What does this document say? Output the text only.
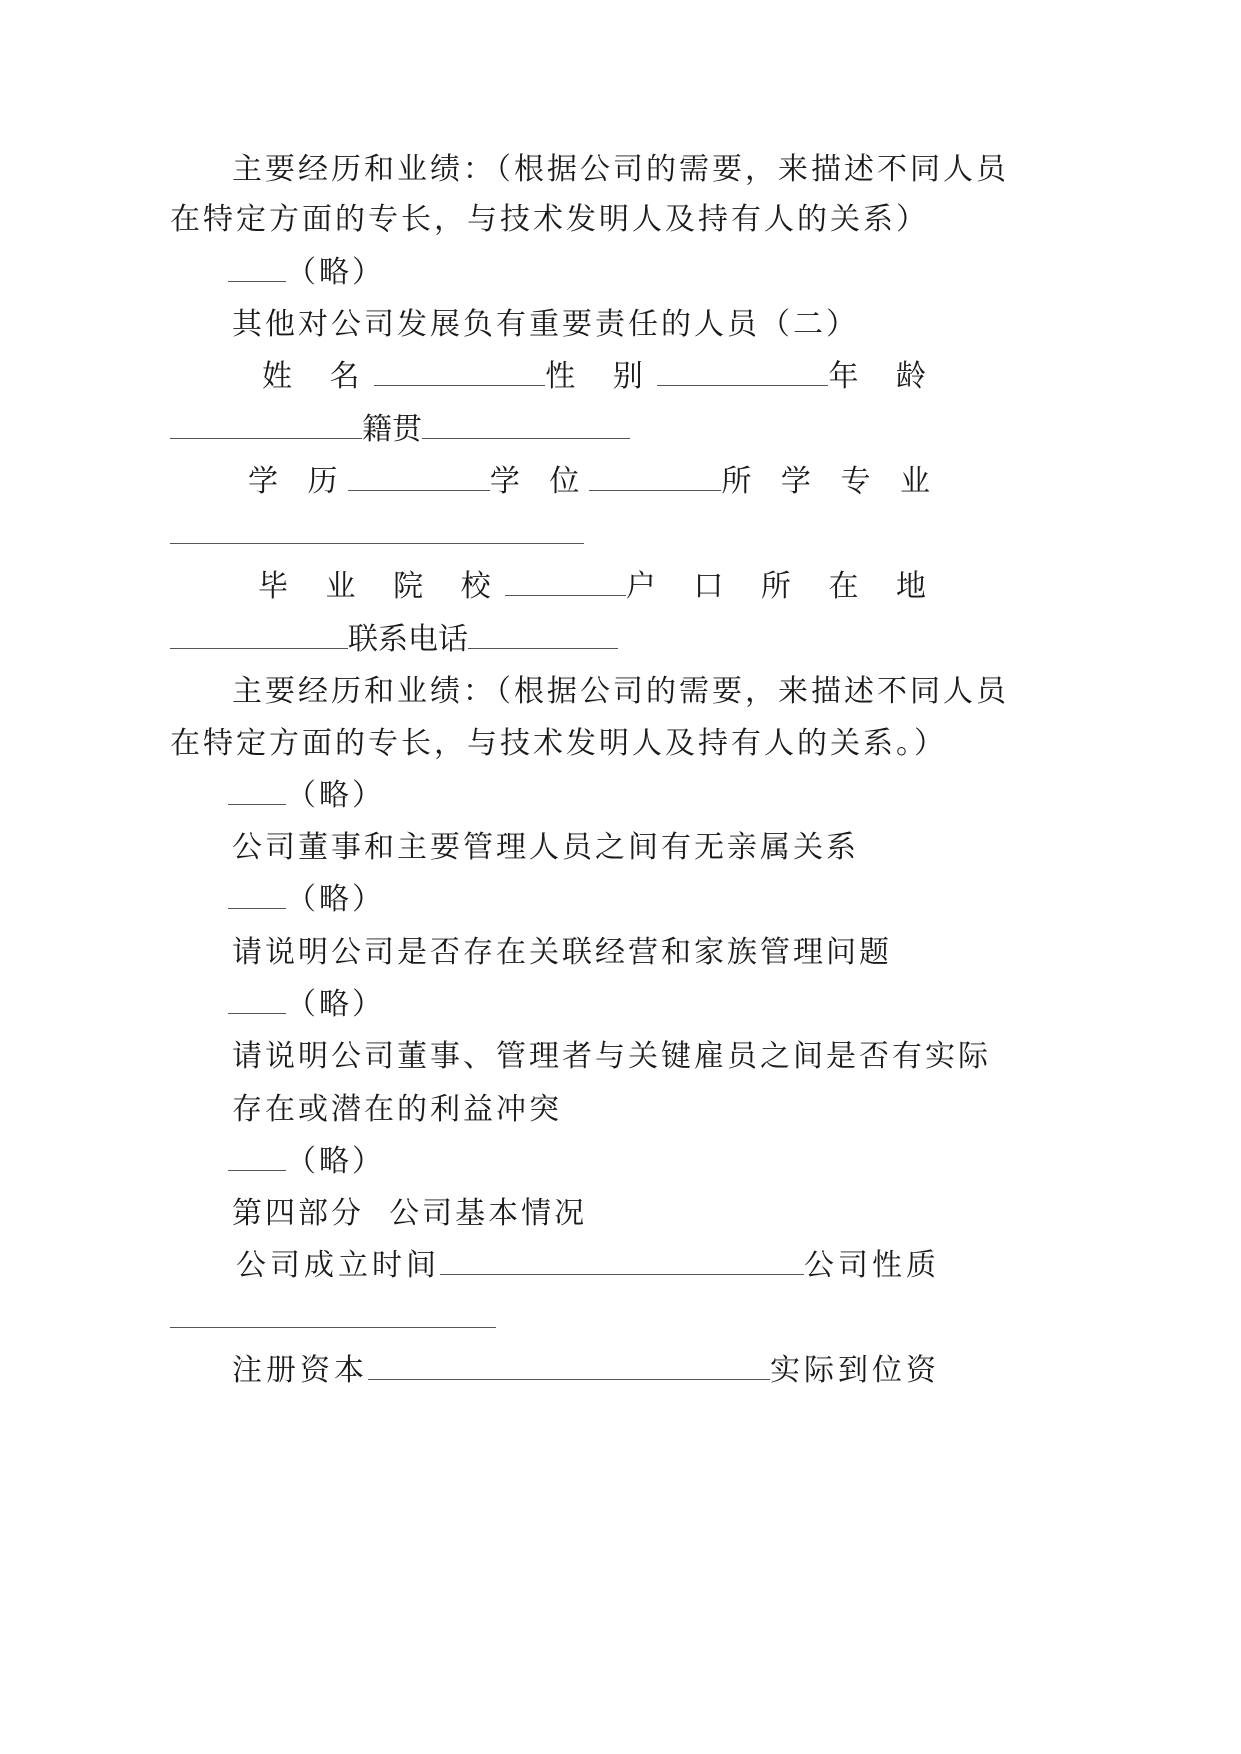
主要经历和业绩：（根据公司的需要，来描述不同人员
在特定方面的专长，与技术发明人及持有人的关系）
（略）
其他对公司发展负有重要责任的人员（二）
姓 名	性 别	年 龄
籍贯
学 历	学 位	所 学 专 业
毕 业 院 校	户 口 所 在 地
联系电话
主要经历和业绩：（根据公司的需要，来描述不同人员
在特定方面的专长，与技术发明人及持有人的关系。）
（略）
公司董事和主要管理人员之间有无亲属关系
（略）
请说明公司是否存在关联经营和家族管理问题
（略）
请说明公司董事、管理者与关键雇员之间是否有实际
存在或潜在的利益冲突
（略）
第四部分  公司基本情况
公司成立时间	公司性质
注册资本	实际到位资
